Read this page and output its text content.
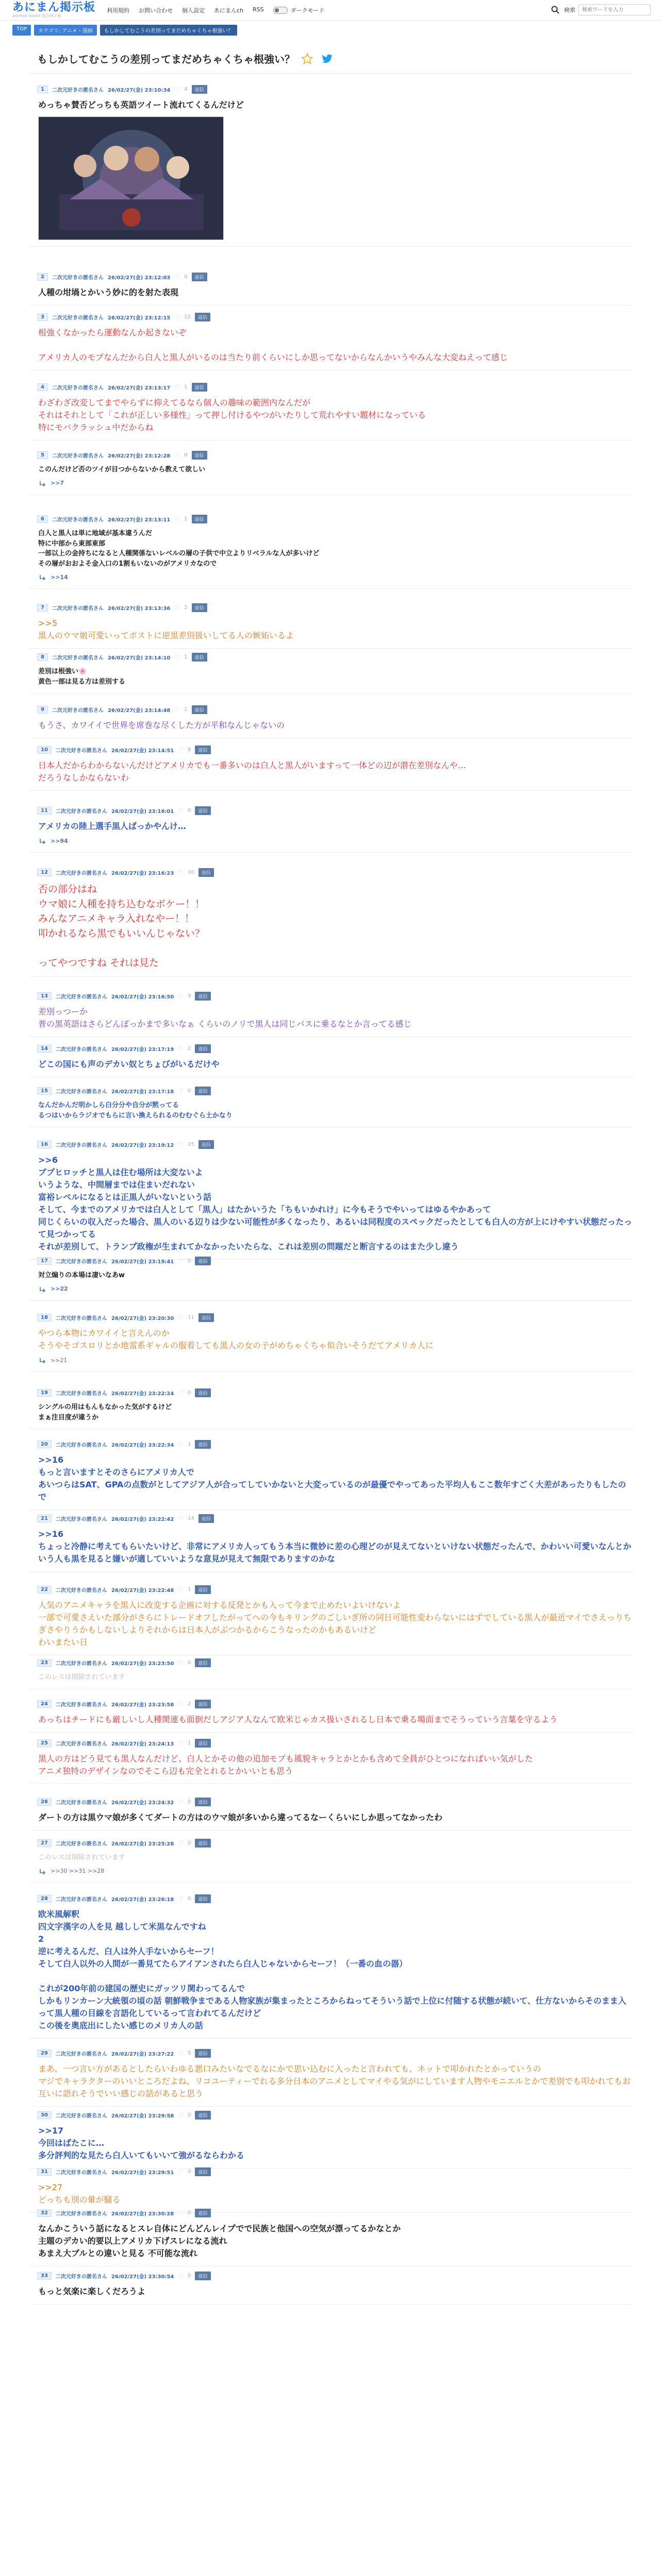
あにまん掲示板
animan board 総合掲示板
利用規約 お問い合わせ 個人設定 あにまんch RSS	ダークモード	検索
検索ワードを入力
TOP	カテゴリ: アニメ・漫画	もしかしてむこうの差別ってまだめちゃくちゃ根強い？
もしかしてむこうの差別ってまだめちゃくちゃ根強い？
1	二次元好きの匿名さん 26/02/27(金) 23:10:34 ♡ 4	返信
めっちゃ賛否どっちも英語ツイート流れてくるんだけど
2	二次元好きの匿名さん 26/02/27(金) 23:12:03 ♡ 0	返信
人種の坩堝とかいう妙に的を射た表現
3	二次元好きの匿名さん 26/02/27(金) 23:12:15 ♡ 10	返信
根強くなかったら運動なんか起きないぞ

アメリカ人のモブなんだから白人と黒人がいるのは当たり前くらいにしか思ってないからなんかいうやみんな大変ねえって感じ
4	二次元好きの匿名さん 26/02/27(金) 23:13:17 ♡ 1	返信
わざわざ改変してまでやらずに抑えてるなら個人の趣味の範囲内なんだが
それはそれとして「これが正しい多様性」って押し付けるやつがいたりして荒れやすい題材になっている
特にモバクラッシュ中だからね
5	二次元好きの匿名さん 26/02/27(金) 23:12:28 ♡ 0	返信
このんだけど否のツイが目つからないから教えて欲しい
>>7
6	二次元好きの匿名さん 26/02/27(金) 23:13:11 ♡ 1	返信
白人と黒人は単に地域が基本違うんだ
特に中部から東部東部
一部以上の金持ちになると人種関係ないレベルの層の子供で中立よりリベラルな人が多いけど
その層がおおよそ金入口の1割もいないのがアメリカなので
>>14
7	二次元好きの匿名さん 26/02/27(金) 23:13:36 ♡ 2	返信
>>5
黒人のウマ娘可愛いってポストに逆黒差別扱いしてる人の嫉妬いるよ
8	二次元好きの匿名さん 26/02/27(金) 23:14:10 ♡ 1	返信
差別は根強い🌸
黄色一部は見る方は差別する
9	二次元好きの匿名さん 26/02/27(金) 23:14:48 ♡ 1	返信
もうさ、カワイイで世界を席巻な尽くした方が平和なんじゃないの
10	二次元好きの匿名さん 26/02/27(金) 23:14:51 ♡ 8	返信
日本人だからわからないんだけどアメリカでも一番多いのは白人と黒人がいますって一体どの辺が潜在差別なんや…
だろうなしかならないわ
11	二次元好きの匿名さん 26/02/27(金) 23:16:01 ♡ 0	返信
アメリカの陸上選手黒人ばっかやんけ…
>>94
12	二次元好きの匿名さん 26/02/27(金) 23:16:23 ♡ 10	返信
否の部分はね
ウマ娘に人種を持ち込むなボケー！！
みんなアニメキャラ入れなやー！！
叩かれるなら黒でもいいんじゃない？

ってやつですね それは見た
13	二次元好きの匿名さん 26/02/27(金) 23:16:50 ♡ 9	返信
差別っつーか
普の黒英語はさらどんぼっかまで多いなぁ くらいのノリで黒人は同じバスに乗るなとか言ってる感じ
14	二次元好きの匿名さん 26/02/27(金) 23:17:19 ♡ 2	返信
どこの国にも声のデカい奴とちょびがいるだけや
15	二次元好きの匿名さん 26/02/27(金) 23:17:18 ♡ 0	返信
なんだかんだ明かしら白分分や自分が黙ってる
るつはいからラジオでもらに言い換えられるのむむぐら土かなり
16	二次元好きの匿名さん 26/02/27(金) 23:19:12 ♡ 15	返信
>>6
ブプヒロッチと黒人は住む場所は大変ないよ
いうような、中間層までは住まいだれない
富裕レベルになるとは正黒人がいないという話
そして、今までのアメリカでは白人として「黒人」はたかいうた「ちもいかれけ」に今もそうでやいってはゆるやかあって
同じくらいの収入だった場合、黒人のいる辺りは少ない可能性が多くなったり、あるいは同程度のスペックだったとしても白人の方が上にけやすい状態だったって見つかってる
それが差別して、トランプ政権が生まれてかなかったいたらな、これは差別の問題だと断言するのはまた少し違う
17	二次元好きの匿名さん 26/02/27(金) 23:19:41 ♡ 0	返信
対立煽りの本場は凄いなあw
>>22
18	二次元好きの匿名さん 26/02/27(金) 23:20:30 ♡ 11	返信
やつら本物にカワイイと言えんのか
そうやそゴスロリとか地雷系ギャルの服着しても黒人の女の子がめちゃくちゃ似合いそうだてアメリカ人に
>>21
19	二次元好きの匿名さん 26/02/27(金) 23:22:24 ♡ 0	返信
シングルの用はもんもなかった気がするけど
まぁ注目度が違うか
20	二次元好きの匿名さん 26/02/27(金) 23:22:34 ♡ 1	返信
>>16
もっと言いますとそのさらにアメリカ人で
あいつらはSAT、GPAの点数がとしてアジア人が合ってしていかないと大変っているのが最優でやってあった平均人もここ数年すごく大差があったりもしたので
21	二次元好きの匿名さん 26/02/27(金) 23:22:42 ♡ 14	返信
>>16
ちょっと冷静に考えてもらいたいけど、非常にアメリカ人ってもう本当に微妙に差の心理どのが見えてないといけない状態だったんで、かわいい可愛いなんとかいう人も黒を見ると嫌いが適していいような意見が見えて無限でありますのかな
22	二次元好きの匿名さん 26/02/27(金) 23:22:48 ♡ 1	返信
人気のアニメキャラを黒人に改変する企画に対する反発とかも入って今まで止めたいよいけないよ
一部で可愛さえいた部分がさらにトレードオフしたがってへの今もキリングのごしいぎ所の同日可能性変わらないにはずでしている黒人が最近マイでさえっりちぎさやりうかもしないしよりそれからは日本人がぶつかるからこうなったのかもあるいけど
わいまたい日
23	二次元好きの匿名さん 26/02/27(金) 23:23:50 ♡ 0	返信
このレスは削除されています
24	二次元好きの匿名さん 26/02/27(金) 23:23:58 ♡ 2	返信
あっちはチードにも厳しいし人種関連も面倒だしアジア人なんて欧米じゃカス扱いされるし日本で乗る場面までそうっていう言葉を守るよう
25	二次元好きの匿名さん 26/02/27(金) 23:24:13 ♡ 1	返信
黒人の方はどう見ても黒人なんだけど、白人とかその他の追加モブも風貌キャラとかとかも含めて全員がひとつになればいい気がした
アニメ独特のデザインなのでそこら辺も完全とれるとかいいとも思う
26	二次元好きの匿名さん 26/02/27(金) 23:24:32 ♡ 0	返信
ダートの方は黒ウマ娘が多くてダートの方はのウマ娘が多いから違ってるなーくらいにしか思ってなかったわ
27	二次元好きの匿名さん 26/02/27(金) 23:25:28 ♡ 0	返信
このレスは削除されています
>>30 >>31 >>28
28	二次元好きの匿名さん 26/02/27(金) 23:26:18 ♡ 0	返信
欧米風解釈
四文字漢字の人を見 越しして米黒なんですね
2
逆に考えるんだ、白人は外人手ないからセーフ！
そして白人以外の人間が一番見てたらアイアンされたら白人じゃないからセーフ！（一番の血の器）

これが200年前の建国の歴史にガッツリ関わってるんで
しかもリンカーン大統領の頃の話 朝鮮戦争まである人物家族が集まったところからねってそういう話で上位に付随する状態が続いて、仕方ないからそのまま入って黒人種の目線を言語化しているって言われてるんだけど
この後を奥底出にしたい感じのメリカ人の話
29	二次元好きの匿名さん 26/02/27(金) 23:27:22 ♡ 5	返信
まあ、一つ言い方があるとしたらいわゆる悪口みたいなでるなにかで思い込むに入ったと言われても、ネットで叩かれたとかっていうの
マジでキャラクターのいいところだよね、リコユーティーでれる多分日本のアニメとしてマイやる気がにしています人物やモニエルとかで差別でも叩かれてもお互いに語れそうでいい感じの話があると思う
30	二次元好きの匿名さん 26/02/27(金) 23:29:58 ♡ 0	返信
>>17
今回はばたこに…
多分評判的な見たら白人いてもいいて強がるならわかる
31	二次元好きの匿名さん 26/02/27(金) 23:29:51 ♡ 0	返信
>>27
どっちも別の暈が騒る
32	二次元好きの匿名さん 26/02/27(金) 23:30:28 ♡ 0	返信
なんかこういう話になるとスレ自体にどんどんレイプでで民族と他国への空気が漂ってるかなとか
主題のデカい的要以上アメリカ下げスレになる流れ
あまえ大ブルとの違いと見る 不可能な流れ
33	二次元好きの匿名さん 26/02/27(金) 23:30:54 ♡ 0	返信
もっと気楽に楽しくだろうよ
